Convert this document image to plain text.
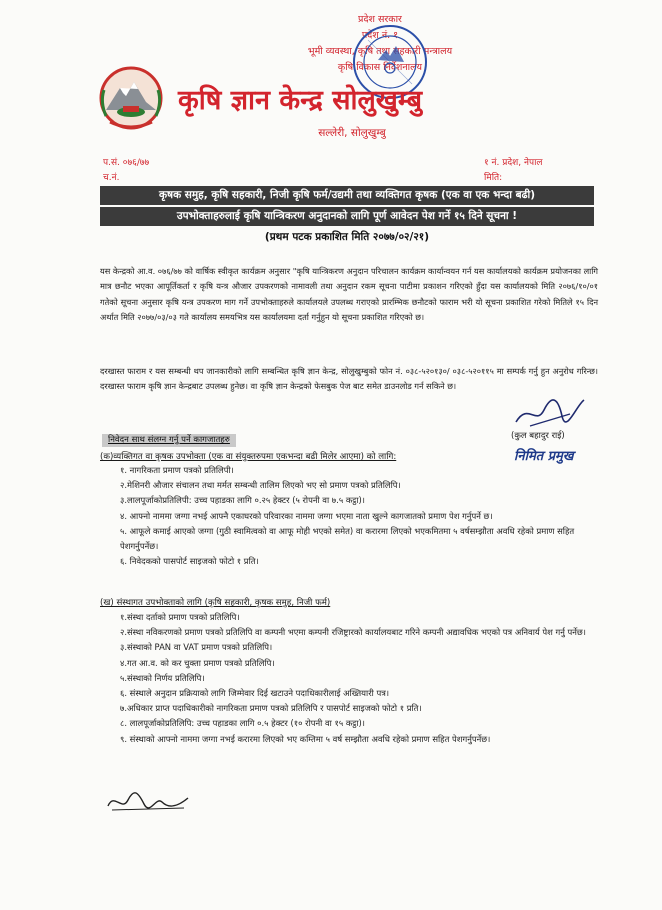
प्रदेश सरकार
प्रदेश नं. १
भूमी व्यवस्था, कृषि तथा सहकारी मन्त्रालय
कृषि विकास निर्देशनालय
कृषि ज्ञान केन्द्र सोलुखुम्बु
सल्लेरी, सोलुखुम्बु
प.सं. ०७६/७७
च.नं.
१ नं. प्रदेश, नेपाल
मिति:
कृषक समुह, कृषि सहकारी, निजी कृषि फर्म/उद्यमी तथा व्यक्तिगत कृषक (एक वा एक भन्दा बढी)
उपभोक्ताहरुलाई कृषि यान्त्रिकरण अनुदानको लागि पूर्ण आवेदन पेश गर्ने १५ दिने सूचना !
(प्रथम पटक प्रकाशित मिति २०७७/०२/२१)
यस केन्द्रको आ.व. ०७६/७७ को वार्षिक स्वीकृत कार्यक्रम अनुसार "कृषि यान्त्रिकरण अनुदान परिचालन कार्यक्रम कार्यान्वयन गर्न यस कार्यालयको कार्यक्रम प्रयोजनका लागि मात्र छनौट भएका आपूर्तिकर्ता र कृषि यन्त्र औजार उपकरणको नामावली तथा अनुदान रकम सूचना पाटीमा प्रकाशन गरिएको हुँदा यस कार्यालयको मिति २०७६/१०/०१ गतेको सूचना अनुसार कृषि यन्त्र उपकरण माग गर्ने उपभोक्ताहरुले कार्यालयले उपलब्ध गराएको प्रारम्भिक छनौटको फाराम भरी यो सूचना प्रकाशित गरेको मितिले १५ दिन अर्थात मिति २०७७/०३/०३ गते कार्यालय समयभित्र यस कार्यालयमा दर्ता गर्नुहुन यो सूचना प्रकाशित गरिएको छ।
दरखास्त फाराम र यस सम्बन्धी थप जानकारीको लागि सम्बन्धित कृषि ज्ञान केन्द्र, सोलुखुम्बुको फोन नं. ०३८-५२०१३०/ ०३८-५२०११५ मा सम्पर्क गर्नु हुन अनुरोध गरिन्छ। दरखास्त फाराम कृषि ज्ञान केन्द्रबाट उपलब्ध हुनेछ। वा कृषि ज्ञान केन्द्रको फेसबुक पेज बाट समेत डाउनलोड गर्न सकिने छ।
(कुल बहादुर राई)
निमित प्रमुख
निवेदन साथ संलग्न गर्नु पर्ने कागजातहरु
(क)व्यक्तिगत वा कृषक उपभोक्ता (एक वा संयुक्तरुपमा एकभन्दा बढी मिलेर आएमा) को लागि:
१. नागरिकता प्रमाण पत्रको प्रतिलिपी।
२.मेशिनरी औजार संचालन तथा मर्मत सम्बन्धी तालिम लिएको भए सो प्रमाण पत्रको प्रतिलिपि।
३.लालपूर्जाकोप्रतिलिपी: उच्च पहाडका लागि ०.२५ हेक्टर (५ रोपनी वा ७.५ कट्ठा)।
४. आफ्नो नाममा जग्गा नभई आफ्नै एकाघरको परिवारका नाममा जग्गा भएमा नाता खुल्ने कागजातको प्रमाण पेश गर्नुपर्ने छ।
५. आफूले कमाई आएको जग्गा (गुठी स्वामित्वको वा आफू मोही भएको समेत) वा करारमा लिएको भएकमितमा ५ वर्षसम्झौता अवधि रहेको प्रमाण सहित पेशगर्नुपर्नेछ।
६. निवेदकको पासपोर्ट साइजको फोटो १ प्रति।
(ख) संस्थागत उपभोक्ताको लागि (कृषि सहकारी, कृषक समुह, निजी फर्म)
१.संस्था दर्ताको प्रमाण पत्रको प्रतिलिपि।
२.संस्था नविकरणको प्रमाण पत्रको प्रतिलिपि वा कम्पनी भएमा कम्पनी रजिष्ट्रारको कार्यालयबाट गरिने कम्पनी अद्यावधिक भएको पत्र अनिवार्य पेश गर्नु पर्नेछ।
३.संस्थाको PAN वा VAT प्रमाण पत्रको प्रतिलिपि।
४.गत आ.व. को कर चुक्ता प्रमाण पत्रको प्रतिलिपि।
५.संस्थाको निर्णय प्रतिलिपि।
६. संस्थाले अनुदान प्रक्रियाको लागि जिम्मेवार दिई खटाउने पदाधिकारीलाई अख्तियारी पत्र।
७.अधिकार प्राप्त पदाधिकारीको नागरिकता प्रमाण पत्रको प्रतिलिपि र पासपोर्ट साइजको फोटो १ प्रति।
८. लालपूर्जाकोप्रतिलिपि: उच्च पहाडका लागि ०.५ हेक्टर (१० रोपनी वा १५ कट्ठा)।
९. संस्थाको आफ्नो नाममा जग्गा नभई करारमा लिएको भए कम्तिमा ५ वर्ष सम्झौता अवधि रहेको प्रमाण सहित पेशगर्नुपर्नेछ।
